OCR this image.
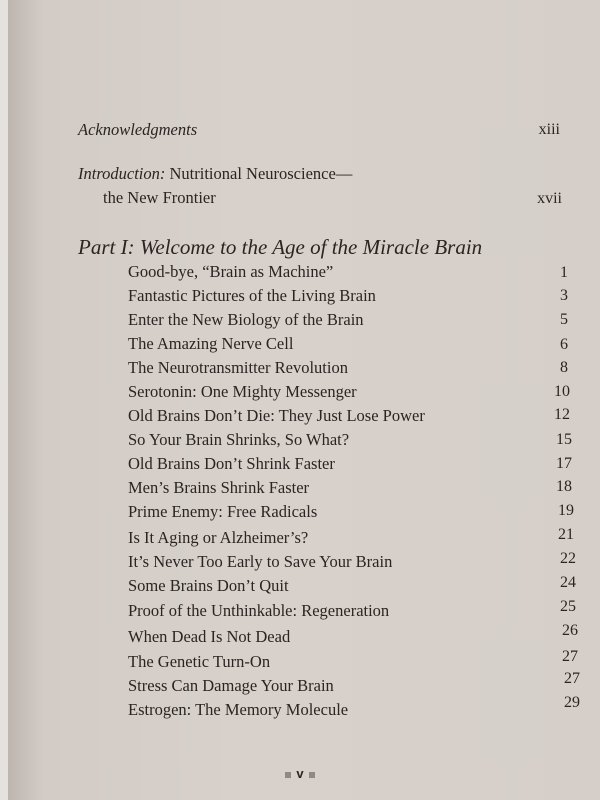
Acknowledgments	xiii
Introduction: Nutritional Neuroscience—
the New Frontier	xvii
Part I: Welcome to the Age of the Miracle Brain
Good-bye, “Brain as Machine”	1
Fantastic Pictures of the Living Brain	3
Enter the New Biology of the Brain	5
The Amazing Nerve Cell	6
The Neurotransmitter Revolution	8
Serotonin: One Mighty Messenger	10
Old Brains Don’t Die: They Just Lose Power	12
So Your Brain Shrinks, So What?	15
Old Brains Don’t Shrink Faster	17
Men’s Brains Shrink Faster	18
Prime Enemy: Free Radicals	19
Is It Aging or Alzheimer’s?	21
It’s Never Too Early to Save Your Brain	22
Some Brains Don’t Quit	24
Proof of the Unthinkable: Regeneration	25
When Dead Is Not Dead	26
The Genetic Turn-On	27
Stress Can Damage Your Brain	27
Estrogen: The Memory Molecule	29
v
